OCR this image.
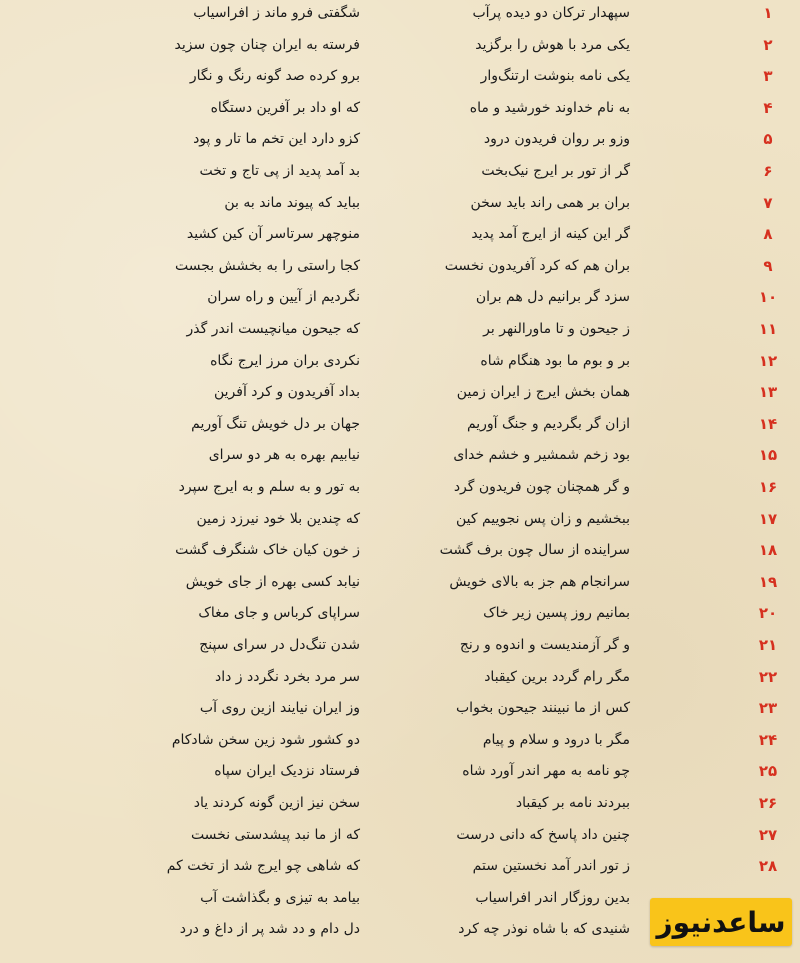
۱
سپهدار ترکان دو دیده پرآب
شگفتی فرو ماند ز افراسیاب
۲
یکی مرد با هوش را برگزید
فرسته به ایران چنان چون سزید
۳
یکی نامه بنوشت ارتنگ‌وار
برو کرده صد گونه رنگ و نگار
۴
به نام خداوند خورشید و ماه
که او داد بر آفرین دستگاه
۵
وزو بر روان فریدون درود
کزو دارد این تخم ما تار و پود
۶
گر از تور بر ایرج نیک‌بخت
بد آمد پدید از پی تاج و تخت
۷
بران بر همی راند باید سخن
بباید که پیوند ماند به بن
۸
گر این کینه از ایرج آمد پدید
منوچهر سرتاسر آن کین کشید
۹
بران هم که کرد آفریدون نخست
کجا راستی را به بخشش بجست
۱۰
سزد گر برانیم دل هم بران
نگردیم از آیین و راه سران
۱۱
ز جیحون و تا ماورالنهر بر
که جیحون میانچیست اندر گذر
۱۲
بر و بوم ما بود هنگام شاه
نکردی بران مرز ایرج نگاه
۱۳
همان بخش ایرج ز ایران زمین
بداد آفریدون و کرد آفرین
۱۴
ازان گر بگردیم و جنگ آوریم
جهان بر دل خویش تنگ آوریم
۱۵
بود زخم شمشیر و خشم خدای
نیابیم بهره به هر دو سرای
۱۶
و گر همچنان چون فریدون گرد
به تور و به سلم و به ایرج سپرد
۱۷
ببخشیم و زان پس نجوییم کین
که چندین بلا خود نیرزد زمین
۱۸
سراینده از سال چون برف گشت
ز خون کیان خاک شنگرف گشت
۱۹
سرانجام هم جز به بالای خویش
نیابد کسی بهره از جای خویش
۲۰
بمانیم روز پسین زیر خاک
سراپای کرباس و جای مغاک
۲۱
و گر آزمندیست و اندوه و رنج
شدن تنگ‌دل در سرای سپنج
۲۲
مگر رام گردد برین کیقباد
سر مرد بخرد نگردد ز داد
۲۳
کس از ما نبینند جیحون بخواب
وز ایران نیایند ازین روی آب
۲۴
مگر با درود و سلام و پیام
دو کشور شود زین سخن شادکام
۲۵
چو نامه به مهر اندر آورد شاه
فرستاد نزدیک ایران سپاه
۲۶
ببردند نامه بر کیقباد
سخن نیز ازین گونه کردند یاد
۲۷
چنین داد پاسخ که دانی درست
که از ما نبد پیشدستی نخست
۲۸
ز تور اندر آمد نخستین ستم
که شاهی چو ایرج شد از تخت کم
بدین روزگار اندر افراسیاب
بیامد به تیزی و بگذاشت آب
شنیدی که با شاه نوذر چه کرد
دل دام و دد شد پر از داغ و درد	ساعدنیوز
